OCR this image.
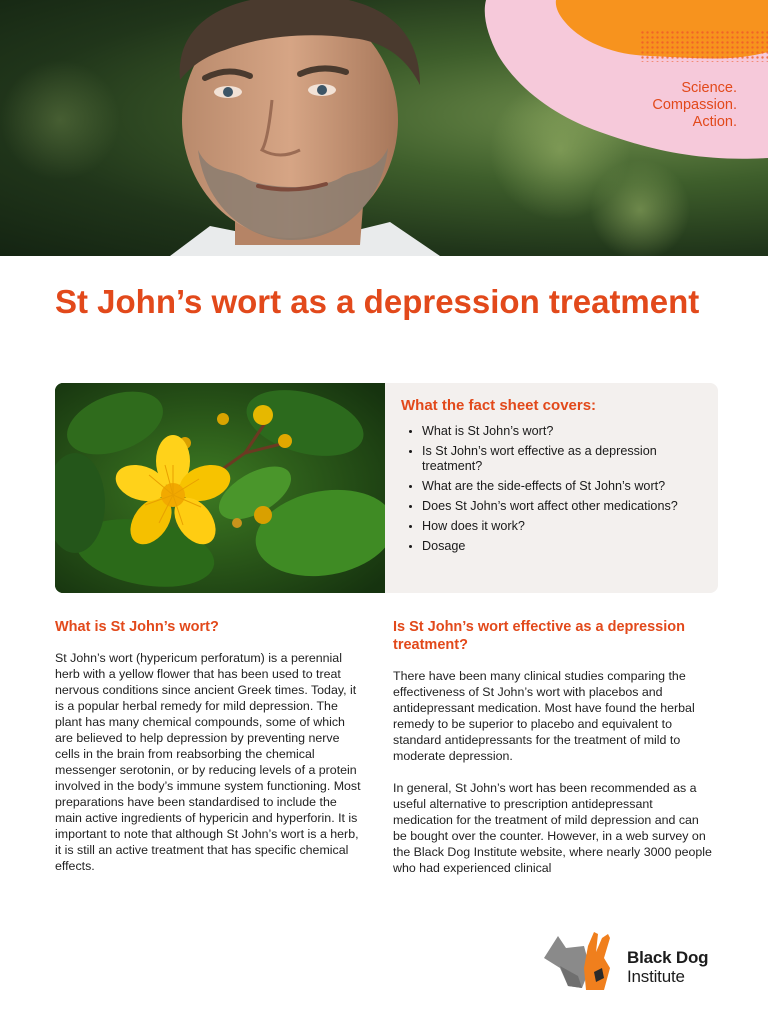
Science.
Compassion.
Action.
St John’s wort as a depression treatment
What the fact sheet covers:
• What is St John’s wort?
• Is St John’s wort effective as a depression treatment?
• What are the side-effects of St John’s wort?
• Does St John’s wort affect other medications?
• How does it work?
• Dosage
What is St John’s wort?

St John’s wort (hypericum perforatum) is a perennial herb with a yellow flower that has been used to treat nervous conditions since ancient Greek times. Today, it is a popular herbal remedy for mild depression. The plant has many chemical compounds, some of which are believed to help depression by preventing nerve cells in the brain from reabsorbing the chemical messenger serotonin, or by reducing levels of a protein involved in the body’s immune system functioning. Most preparations have been standardised to include the main active ingredients of hypericin and hyperforin. It is important to note that although St John’s wort is a herb, it is still an active treatment that has specific chemical effects.

Is St John’s wort effective as a depression treatment?

There have been many clinical studies comparing the effectiveness of St John’s wort with placebos and antidepressant medication. Most have found the herbal remedy to be superior to placebo and equivalent to standard antidepressants for the treatment of mild to moderate depression.

In general, St John’s wort has been recommended as a useful alternative to prescription antidepressant medication for the treatment of mild depression and can be bought over the counter. However, in a web survey on the Black Dog Institute website, where nearly 3000 people who had experienced clinical

Black Dog
Institute
